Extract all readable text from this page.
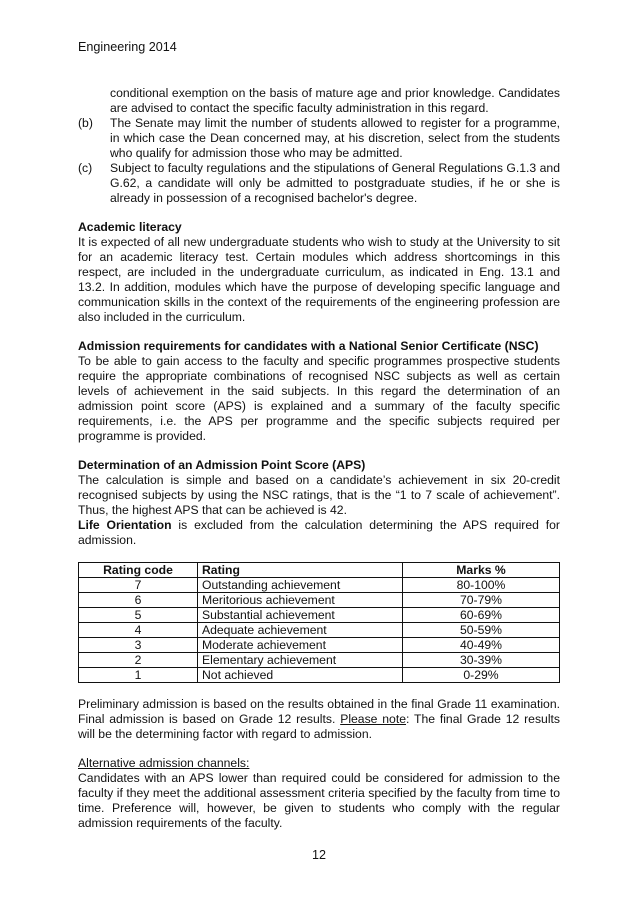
Engineering 2014

conditional exemption on the basis of mature age and prior knowledge. Candidates are advised to contact the specific faculty administration in this regard.

(b)	The Senate may limit the number of students allowed to register for a programme, in which case the Dean concerned may, at his discretion, select from the students who qualify for admission those who may be admitted.
(c)	Subject to faculty regulations and the stipulations of General Regulations G.1.3 and G.62, a candidate will only be admitted to postgraduate studies, if he or she is already in possession of a recognised bachelor's degree.
Academic literacy

It is expected of all new undergraduate students who wish to study at the University to sit for an academic literacy test. Certain modules which address shortcomings in this respect, are included in the undergraduate curriculum, as indicated in Eng. 13.1 and 13.2. In addition, modules which have the purpose of developing specific language and communication skills in the context of the requirements of the engineering profession are also included in the curriculum.

Admission requirements for candidates with a National Senior Certificate (NSC)

To be able to gain access to the faculty and specific programmes prospective students require the appropriate combinations of recognised NSC subjects as well as certain levels of achievement in the said subjects. In this regard the determination of an admission point score (APS) is explained and a summary of the faculty specific requirements, i.e. the APS per programme and the specific subjects required per programme is provided.

Determination of an Admission Point Score (APS)

The calculation is simple and based on a candidate’s achievement in six 20-credit recognised subjects by using the NSC ratings, that is the “1 to 7 scale of achievement”. Thus, the highest APS that can be achieved is 42.

Life Orientation is excluded from the calculation determining the APS required for admission.

Rating code	Rating	Marks %
7	Outstanding achievement	80-100%
6	Meritorious achievement	70-79%
5	Substantial achievement	60-69%
4	Adequate achievement	50-59%
3	Moderate achievement	40-49%
2	Elementary achievement	30-39%
1	Not achieved	0-29%

Preliminary admission is based on the results obtained in the final Grade 11 examination. Final admission is based on Grade 12 results. Please note: The final Grade 12 results will be the determining factor with regard to admission.

Alternative admission channels:

Candidates with an APS lower than required could be considered for admission to the faculty if they meet the additional assessment criteria specified by the faculty from time to time. Preference will, however, be given to students who comply with the regular admission requirements of the faculty.

12
